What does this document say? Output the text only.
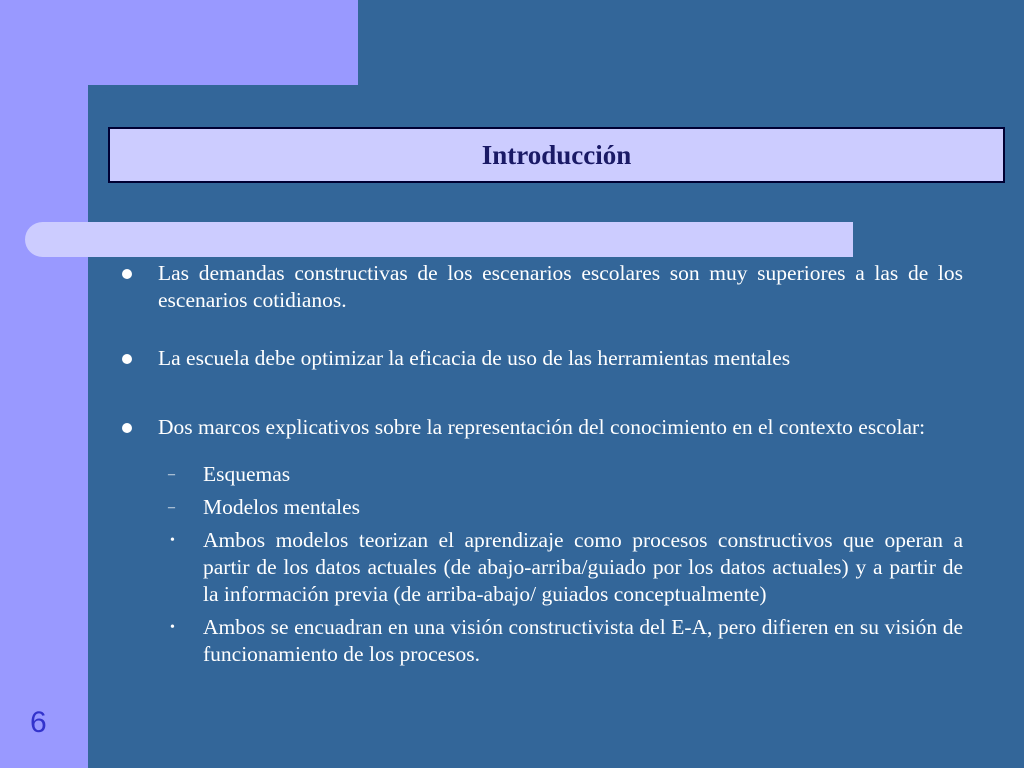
Introducción
Las demandas constructivas de los escenarios escolares son muy superiores a las de los escenarios cotidianos.
La escuela debe optimizar la eficacia de uso de las herramientas mentales
Dos marcos explicativos sobre la representación del conocimiento en el contexto escolar:
– Esquemas
– Modelos mentales
• Ambos modelos teorizan el aprendizaje como procesos constructivos que operan a partir de los datos actuales (de abajo-arriba/guiado por los datos actuales) y a partir de la información previa (de arriba-abajo/ guiados conceptualmente)
• Ambos se encuadran en una visión constructivista del E-A, pero difieren en su visión de funcionamiento de los procesos.
6
